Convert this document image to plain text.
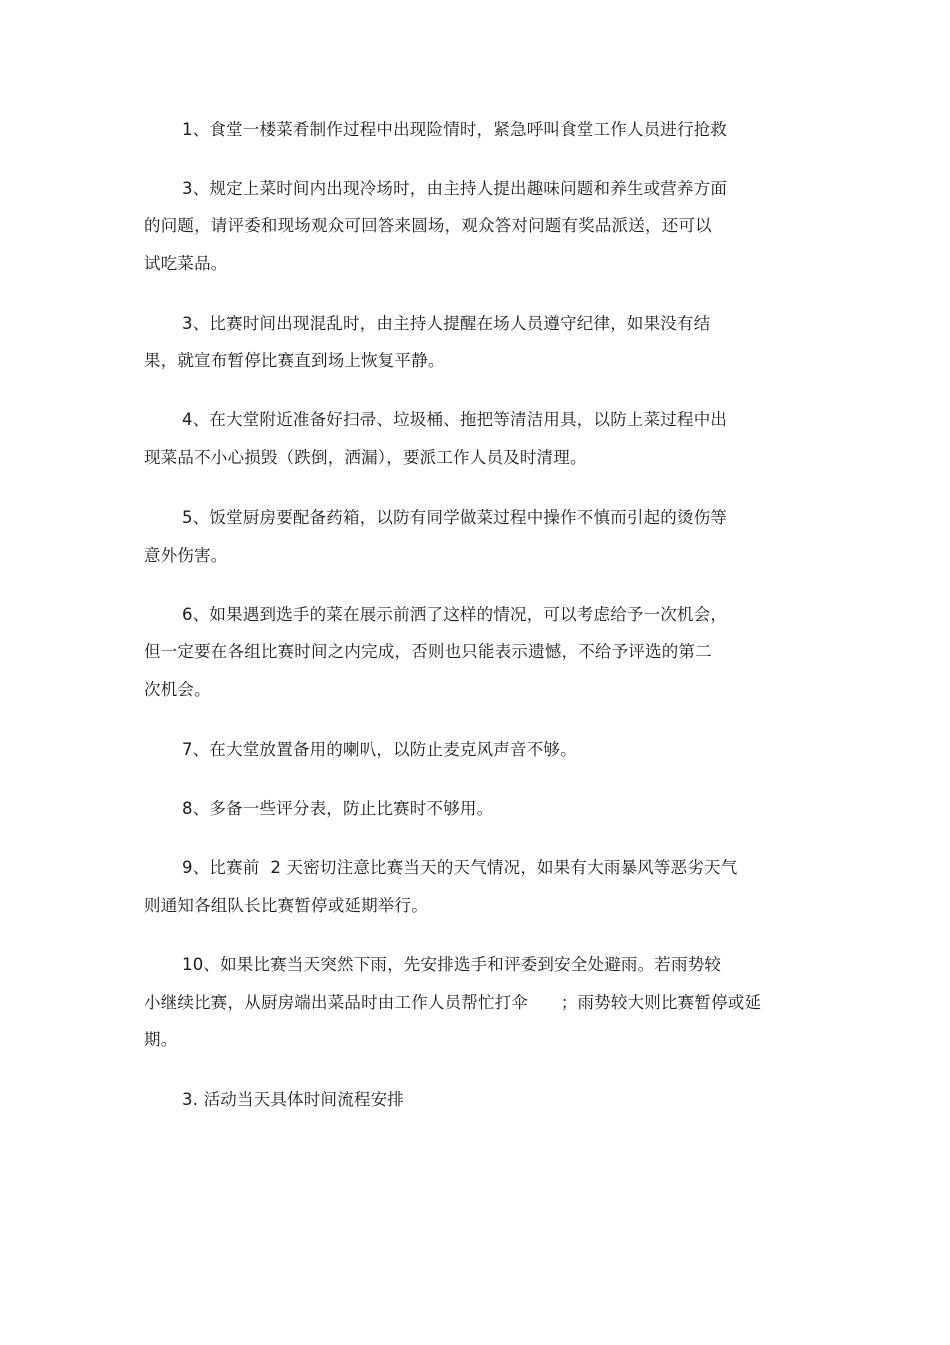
1、食堂一楼菜肴制作过程中出现险情时，紧急呼叫食堂工作人员进行抢救
3、规定上菜时间内出现冷场时，由主持人提出趣味问题和养生或营养方面
的问题，请评委和现场观众可回答来圆场，观众答对问题有奖品派送，还可以
试吃菜品。
3、比赛时间出现混乱时，由主持人提醒在场人员遵守纪律，如果没有结
果，就宣布暂停比赛直到场上恢复平静。
4、在大堂附近准备好扫帚、垃圾桶、拖把等清洁用具，以防上菜过程中出
现菜品不小心损毁（跌倒，洒漏），要派工作人员及时清理。
5、饭堂厨房要配备药箱，以防有同学做菜过程中操作不慎而引起的烫伤等
意外伤害。
6、如果遇到选手的菜在展示前洒了这样的情况，可以考虑给予一次机会，
但一定要在各组比赛时间之内完成，否则也只能表示遗憾，不给予评选的第二
次机会。
7、在大堂放置备用的喇叭，以防止麦克风声音不够。
8、多备一些评分表，防止比赛时不够用。
9、比赛前  2 天密切注意比赛当天的天气情况，如果有大雨暴风等恶劣天气
则通知各组队长比赛暂停或延期举行。
10、如果比赛当天突然下雨，先安排选手和评委到安全处避雨。若雨势较
小继续比赛，从厨房端出菜品时由工作人员帮忙打伞      ；雨势较大则比赛暂停或延
期。
3. 活动当天具体时间流程安排
